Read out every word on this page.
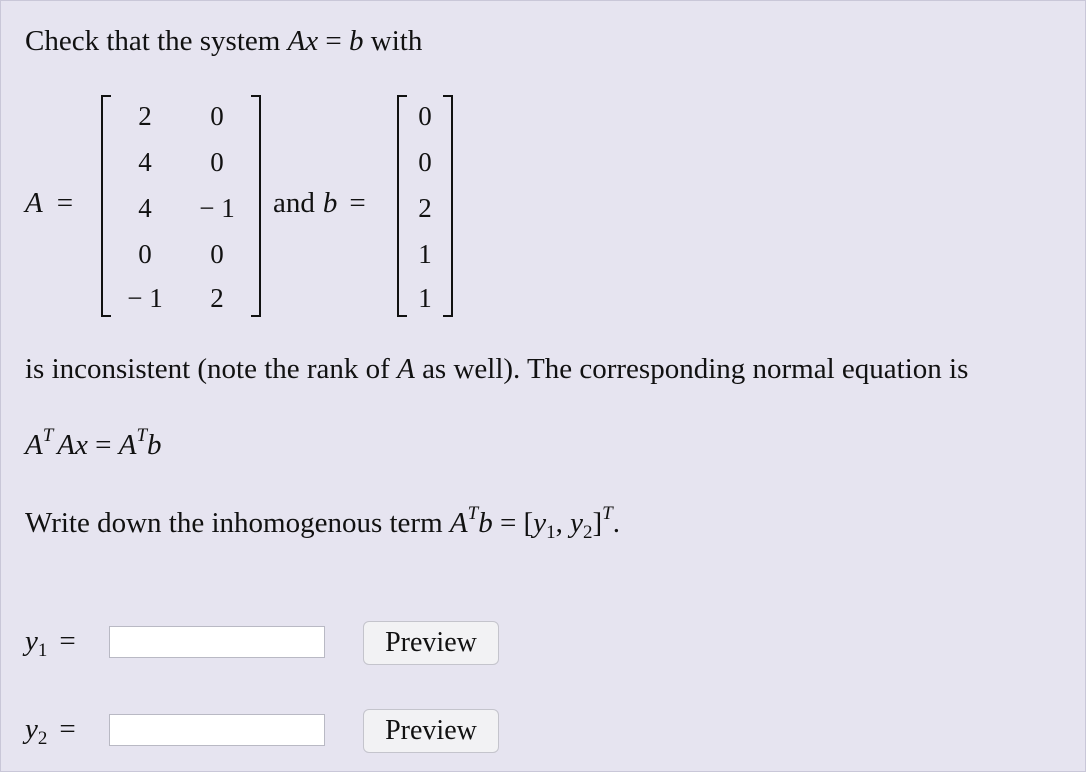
Check that the system Ax = b with
A =
2	0
4	0
4	− 1
0	0
− 1	2
and b =
0
0
2
1
1
is inconsistent (note the rank of A as well). The corresponding normal equation is
$A^T$ $Ax = A^Tb$
Write down the inhomogenous term $A^Tb = [y_1$, $y_2]^T$.
$y_1$ =	Preview
$y_2$ =	Preview
